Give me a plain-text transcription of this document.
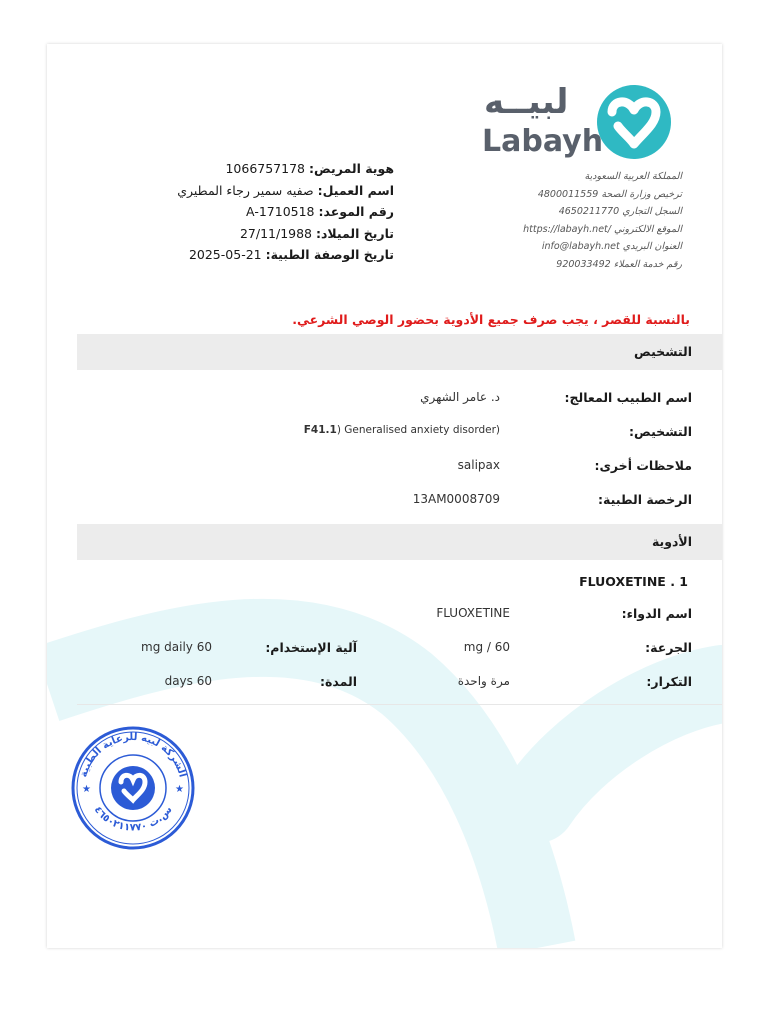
لبيــه
Labayh
المملكة العربية السعودية
ترخيص وزارة الصحة 4800011559
السجل التجاري 4650211770
الموقع الالكتروني /https://labayh.net
العنوان البريدي info@labayh.net
رقم خدمة العملاء 920033492
هوية المريض: 1066757178
اسم العميل: صفيه سمير رجاء المطيري
رقم الموعد: A-1710518
تاريخ الميلاد: 27/11/1988
تاريخ الوصفة الطبية: 21-05-2025
بالنسبة للقصر ، يجب صرف جميع الأدوية بحضور الوصي الشرعي.
التشخيص
اسم الطبيب المعالج:
د. عامر الشهري
التشخيص:
F41.1) Generalised anxiety disorder)
ملاحظات أخرى:
salipax
الرخصة الطبية:
13AM0008709
الأدوية
FLUOXETINE . 1
اسم الدواء:
FLUOXETINE
الجرعة:
mg / 60
آلية الإستخدام:
mg daily 60
التكرار:
مرة واحدة
المدة:
days 60
الشركة لبيه للرعاية الطبية
س.ت ٤٦٥٠٢١١٧٧٠
★	★
